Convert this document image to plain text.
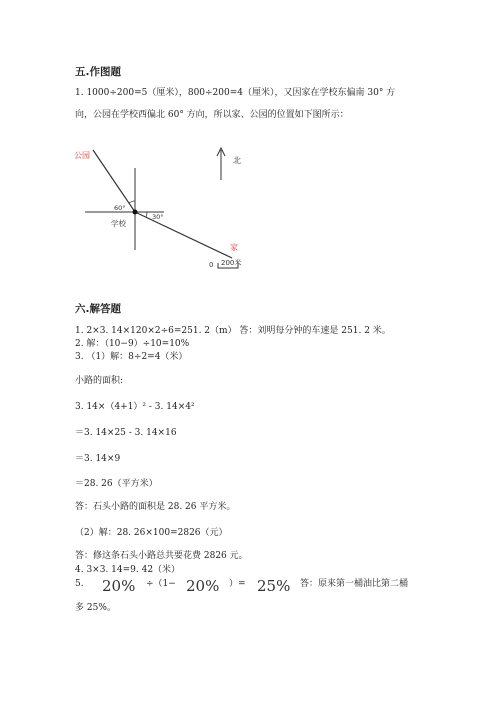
五.作图题
1. 1000÷200=5（厘米），800÷200=4（厘米），又因家在学校东偏南 30° 方
向，公园在学校西偏北 60° 方向，所以家、公园的位置如下图所示：
公园
北
60°
30°
学校
家
0 200米
六.解答题
1. 2×3. 14×120×2÷6=251. 2（m） 答：刘明每分钟的车速是 251. 2 米。
2. 解：（10−9）÷10=10%
3. （1）解：8÷2=4（米）
小路的面积:
3. 14×（4+1）² - 3. 14×4²
＝3. 14×25 - 3. 14×16
＝3. 14×9
＝28. 26（平方米）
答：石头小路的面积是 28. 26 平方米。
（2）解：28. 26×100=2826（元）
答：修这条石头小路总共要花费 2826 元。
4. 3×3. 14=9. 42（米）
5. 20% ÷（1− 20% ）= 25% 答：原来第一桶油比第二桶
多 25%。
